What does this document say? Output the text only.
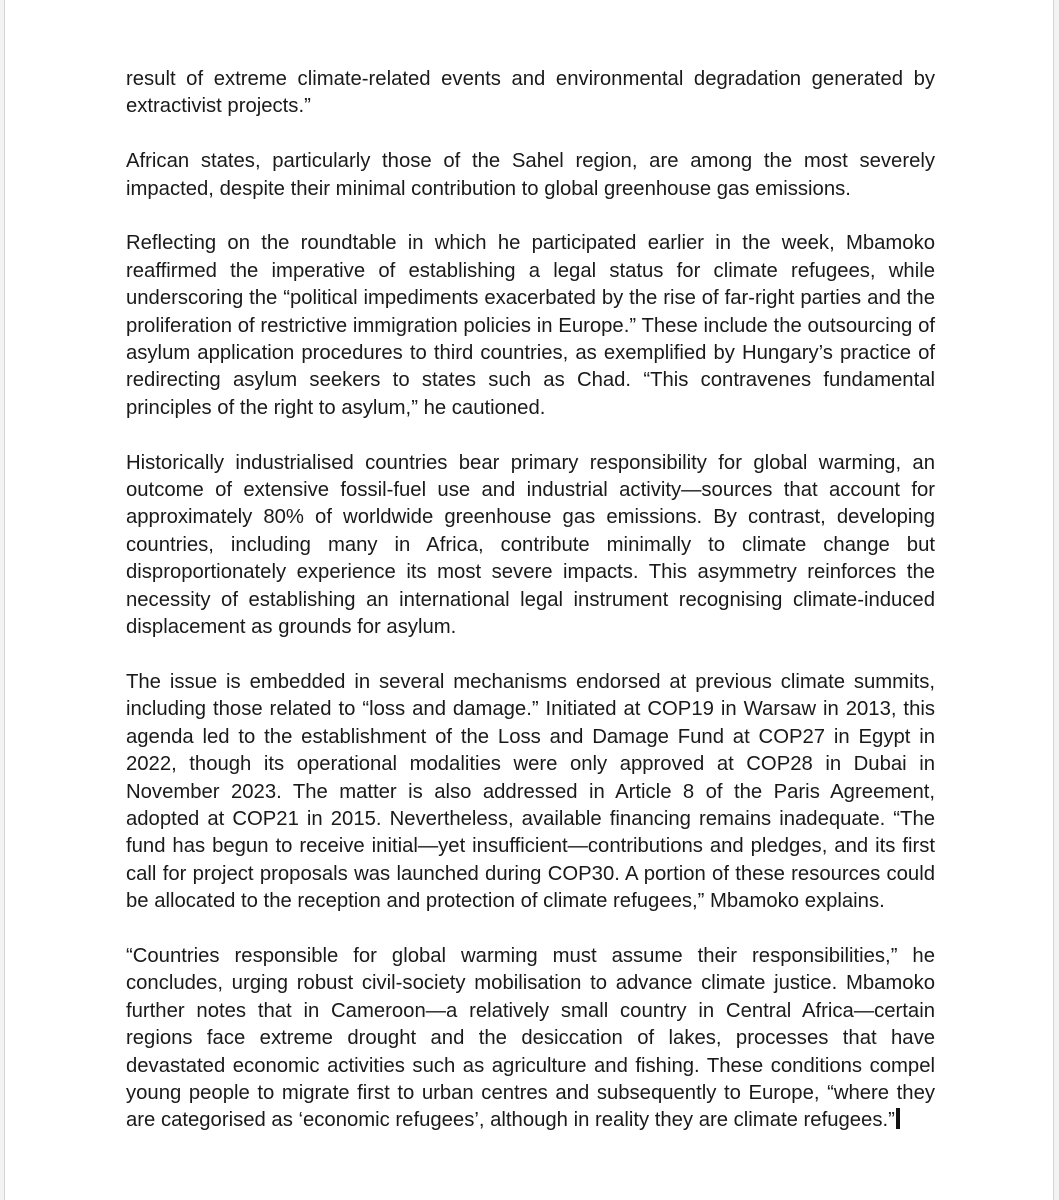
result of extreme climate-related events and environmental degradation generated by extractivist projects.”

African states, particularly those of the Sahel region, are among the most severely impacted, despite their minimal contribution to global greenhouse gas emissions.

Reflecting on the roundtable in which he participated earlier in the week, Mbamoko reaffirmed the imperative of establishing a legal status for climate refugees, while underscoring the “political impediments exacerbated by the rise of far-right parties and the proliferation of restrictive immigration policies in Europe.” These include the outsourcing of asylum application procedures to third countries, as exemplified by Hungary’s practice of redirecting asylum seekers to states such as Chad. “This contravenes fundamental principles of the right to asylum,” he cautioned.

Historically industrialised countries bear primary responsibility for global warming, an outcome of extensive fossil-fuel use and industrial activity—sources that account for approximately 80% of worldwide greenhouse gas emissions. By contrast, developing countries, including many in Africa, contribute minimally to climate change but disproportionately experience its most severe impacts. This asymmetry reinforces the necessity of establishing an international legal instrument recognising climate-induced displacement as grounds for asylum.

The issue is embedded in several mechanisms endorsed at previous climate summits, including those related to “loss and damage.” Initiated at COP19 in Warsaw in 2013, this agenda led to the establishment of the Loss and Damage Fund at COP27 in Egypt in 2022, though its operational modalities were only approved at COP28 in Dubai in November 2023. The matter is also addressed in Article 8 of the Paris Agreement, adopted at COP21 in 2015. Nevertheless, available financing remains inadequate. “The fund has begun to receive initial—yet insufficient—contributions and pledges, and its first call for project proposals was launched during COP30. A portion of these resources could be allocated to the reception and protection of climate refugees,” Mbamoko explains.

“Countries responsible for global warming must assume their responsibilities,” he concludes, urging robust civil-society mobilisation to advance climate justice. Mbamoko further notes that in Cameroon—a relatively small country in Central Africa—certain regions face extreme drought and the desiccation of lakes, processes that have devastated economic activities such as agriculture and fishing. These conditions compel young people to migrate first to urban centres and subsequently to Europe, “where they are categorised as ‘economic refugees’, although in reality they are climate refugees.”
